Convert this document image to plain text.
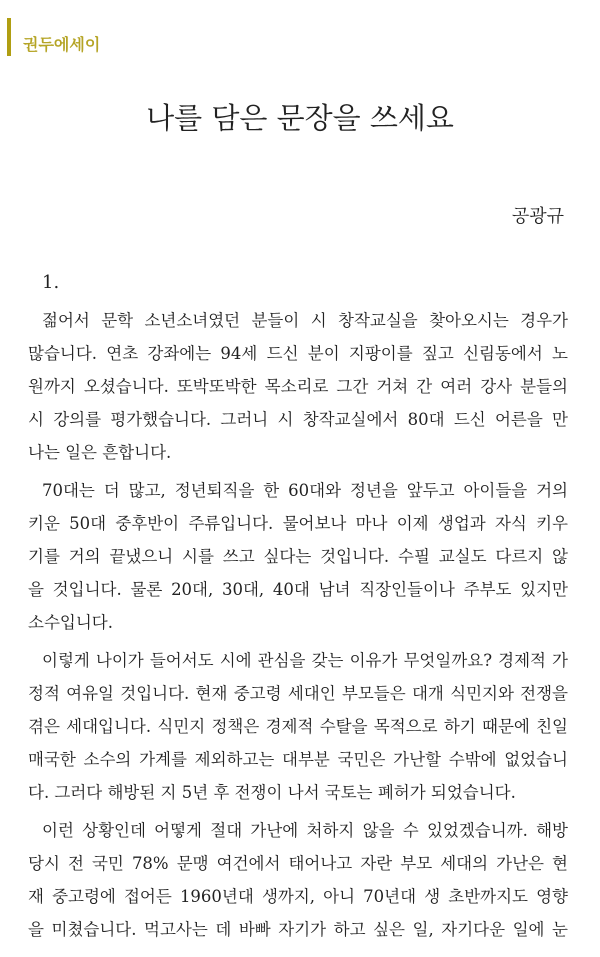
권두에세이
나를 담은 문장을 쓰세요
공광규
1.
젊어서 문학 소년소녀였던 분들이 시 창작교실을 찾아오시는 경우가
많습니다. 연초 강좌에는 94세 드신 분이 지팡이를 짚고 신림동에서 노
원까지 오셨습니다. 또박또박한 목소리로 그간 거쳐 간 여러 강사 분들의
시 강의를 평가했습니다. 그러니 시 창작교실에서 80대 드신 어른을 만
나는 일은 흔합니다.
70대는 더 많고, 정년퇴직을 한 60대와 정년을 앞두고 아이들을 거의
키운 50대 중후반이 주류입니다. 물어보나 마나 이제 생업과 자식 키우
기를 거의 끝냈으니 시를 쓰고 싶다는 것입니다. 수필 교실도 다르지 않
을 것입니다. 물론 20대, 30대, 40대 남녀 직장인들이나 주부도 있지만
소수입니다.
이렇게 나이가 들어서도 시에 관심을 갖는 이유가 무엇일까요? 경제적 가
정적 여유일 것입니다. 현재 중고령 세대인 부모들은 대개 식민지와 전쟁을
겪은 세대입니다. 식민지 정책은 경제적 수탈을 목적으로 하기 때문에 친일
매국한 소수의 가계를 제외하고는 대부분 국민은 가난할 수밖에 없었습니
다. 그러다 해방된 지 5년 후 전쟁이 나서 국토는 폐허가 되었습니다.
이런 상황인데 어떻게 절대 가난에 처하지 않을 수 있었겠습니까. 해방
당시 전 국민 78% 문맹 여건에서 태어나고 자란 부모 세대의 가난은 현
재 중고령에 접어든 1960년대 생까지, 아니 70년대 생 초반까지도 영향
을 미쳤습니다. 먹고사는 데 바빠 자기가 하고 싶은 일, 자기다운 일에 눈
